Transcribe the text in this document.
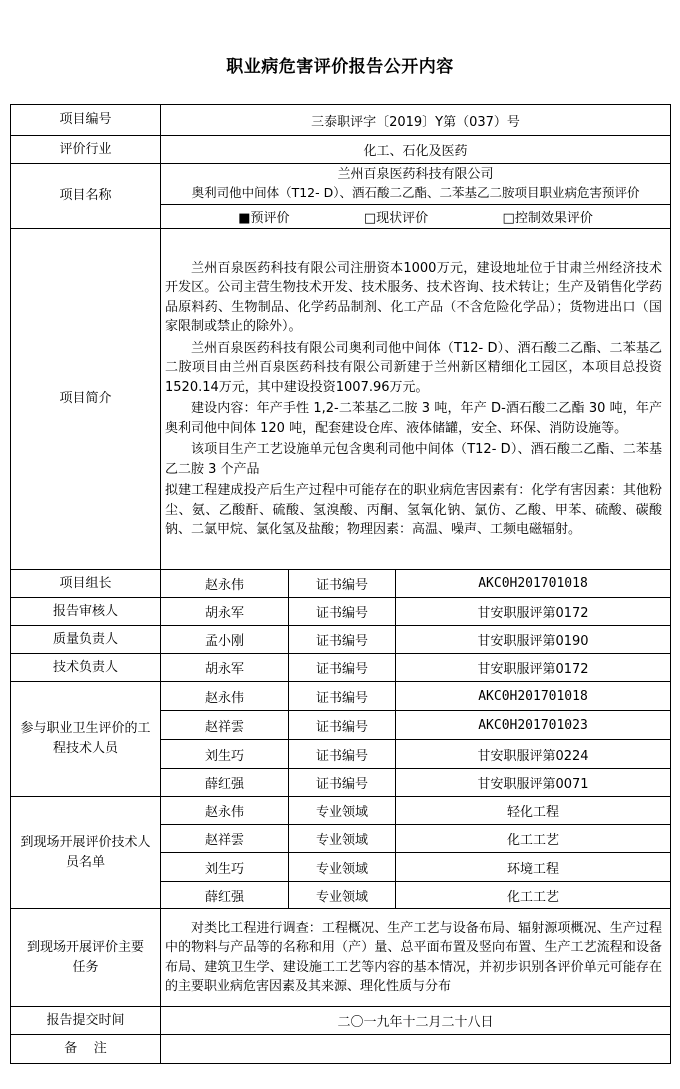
职业病危害评价报告公开内容
项目编号	三泰职评字〔2019〕Y第（037）号		
评价行业	化工、石化及医药		
项目名称	兰州百泉医药科技有限公司
奥利司他中间体（T12- D）、酒石酸二乙酯、二苯基乙二胺项目职业病危害预评价		

	■预评价 □现状评价 □控制效果评价		

项目简介	兰州百泉医药科技有限公司注册资本1000万元，建设地址位于甘肃兰州经济技术开发区。公司主营生物技术开发、技术服务、技术咨询、技术转让；生产及销售化学药品原料药、生物制品、化学药品制剂、化工产品（不含危险化学品）；货物进出口（国家限制或禁止的除外）。
兰州百泉医药科技有限公司奥利司他中间体（T12- D）、酒石酸二乙酯、二苯基乙二胺项目由兰州百泉医药科技有限公司新建于兰州新区精细化工园区，本项目总投资1520.14万元，其中建设投资1007.96万元。
建设内容：年产手性 1,2-二苯基乙二胺 3 吨，年产 D-酒石酸二乙酯 30 吨，年产奥利司他中间体 120 吨，配套建设仓库、液体储罐，安全、环保、消防设施等。
该项目生产工艺设施单元包含奥利司他中间体（T12- D）、酒石酸二乙酯、二苯基乙二胺 3 个产品
拟建工程建成投产后生产过程中可能存在的职业病危害因素有：化学有害因素：其他粉尘、氨、乙酸酐、硫酸、氢溴酸、丙酮、氢氧化钠、氯仿、乙酸、甲苯、硫酸、碳酸钠、二氯甲烷、氯化氢及盐酸；物理因素：高温、噪声、工频电磁辐射。		

项目组长	赵永伟	证书编号	AKC0H201701018
报告审核人	胡永军	证书编号	甘安职服评第0172
质量负责人	孟小刚	证书编号	甘安职服评第0190
技术负责人	胡永军	证书编号	甘安职服评第0172
参与职业卫生评价的工程技术人员	赵永伟	证书编号	AKC0H201701018
	赵祥雲	证书编号	AKC0H201701023
	刘生巧	证书编号	甘安职服评第0224
	薛红强	证书编号	甘安职服评第0071
到现场开展评价技术人员名单	赵永伟	专业领域	轻化工程
	赵祥雲	专业领域	化工工艺
	刘生巧	专业领域	环境工程
	薛红强	专业领域	化工工艺
到现场开展评价主要任务	对类比工程进行调查：工程概况、生产工艺与设备布局、辐射源项概况、生产过程中的物料与产品等的名称和用（产）量、总平面布置及竖向布置、生产工艺流程和设备布局、建筑卫生学、建设施工工艺等内容的基本情况，并初步识别各评价单元可能存在的主要职业病危害因素及其来源、理化性质与分布		

报告提交时间	二〇一九年十二月二十八日		
备    注			
